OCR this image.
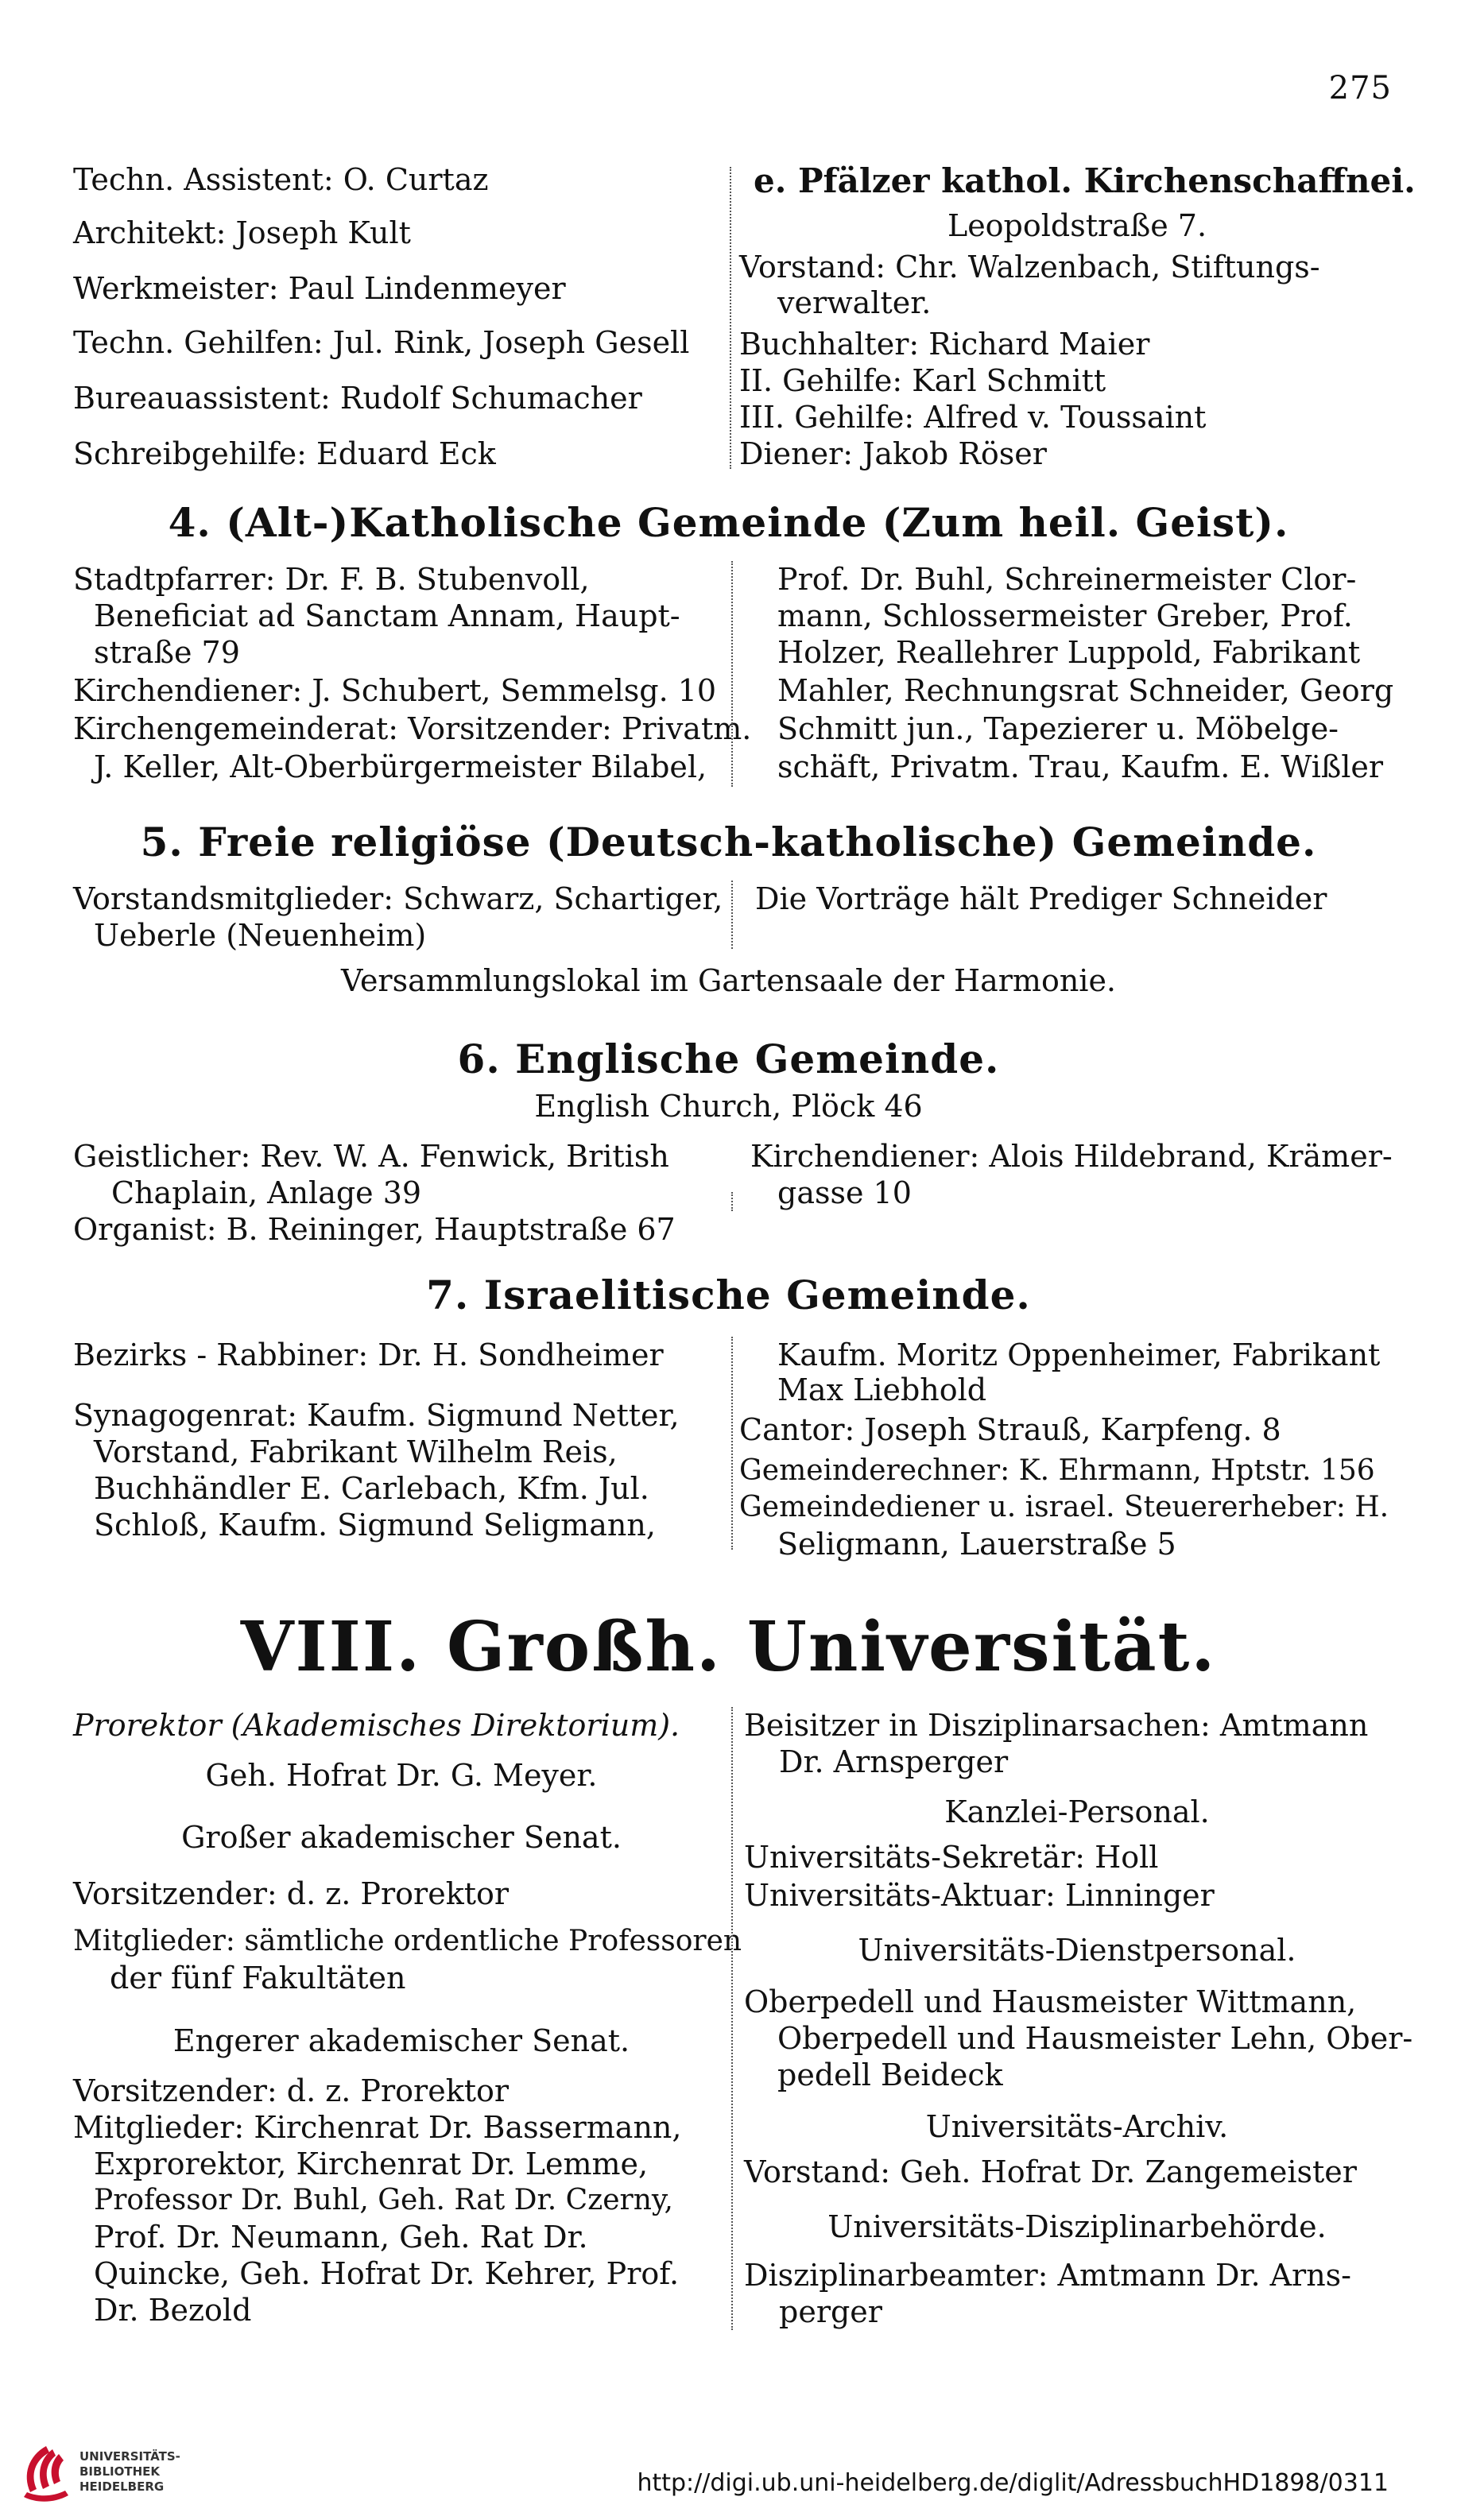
275
Techn. Assistent: O. Curtaz
Architekt: Joseph Kult
Werkmeister: Paul Lindenmeyer
Techn. Gehilfen: Jul. Rink, Joseph Gesell
Bureauassistent: Rudolf Schumacher
Schreibgehilfe: Eduard Eck
e. Pfälzer kathol. Kirchenschaffnei.
Leopoldstraße 7.
Vorstand: Chr. Walzenbach, Stiftungs-
verwalter.
Buchhalter: Richard Maier
II. Gehilfe: Karl Schmitt
III. Gehilfe: Alfred v. Toussaint
Diener: Jakob Röser
4. (Alt-)Katholische Gemeinde (Zum heil. Geist).
Stadtpfarrer: Dr. F. B. Stubenvoll,
Beneficiat ad Sanctam Annam, Haupt-
straße 79
Kirchendiener: J. Schubert, Semmelsg. 10
Kirchengemeinderat: Vorsitzender: Privatm.
J. Keller, Alt-Oberbürgermeister Bilabel,
Prof. Dr. Buhl, Schreinermeister Clor-
mann, Schlossermeister Greber, Prof.
Holzer, Reallehrer Luppold, Fabrikant
Mahler, Rechnungsrat Schneider, Georg
Schmitt jun., Tapezierer u. Möbelge-
schäft, Privatm. Trau, Kaufm. E. Wißler
5. Freie religiöse (Deutsch-katholische) Gemeinde.
Vorstandsmitglieder: Schwarz, Schartiger,
Ueberle (Neuenheim)
Die Vorträge hält Prediger Schneider
Versammlungslokal im Gartensaale der Harmonie.
6. Englische Gemeinde.
English Church, Plöck 46
Geistlicher: Rev. W. A. Fenwick, British
Chaplain, Anlage 39
Organist: B. Reininger, Hauptstraße 67
Kirchendiener: Alois Hildebrand, Krämer-
gasse 10
7. Israelitische Gemeinde.
Bezirks - Rabbiner: Dr. H. Sondheimer
Synagogenrat: Kaufm. Sigmund Netter,
Vorstand, Fabrikant Wilhelm Reis,
Buchhändler E. Carlebach, Kfm. Jul.
Schloß, Kaufm. Sigmund Seligmann,
Kaufm. Moritz Oppenheimer, Fabrikant
Max Liebhold
Cantor: Joseph Strauß, Karpfeng. 8
Gemeinderechner: K. Ehrmann, Hptstr. 156
Gemeindediener u. israel. Steuererheber: H.
Seligmann, Lauerstraße 5
VIII. Großh. Universität.
Prorektor (Akademisches Direktorium).
Geh. Hofrat Dr. G. Meyer.
Großer akademischer Senat.
Vorsitzender: d. z. Prorektor
Mitglieder: sämtliche ordentliche Professoren
der fünf Fakultäten
Engerer akademischer Senat.
Vorsitzender: d. z. Prorektor
Mitglieder: Kirchenrat Dr. Bassermann,
Exprorektor, Kirchenrat Dr. Lemme,
Professor Dr. Buhl, Geh. Rat Dr. Czerny,
Prof. Dr. Neumann, Geh. Rat Dr.
Quincke, Geh. Hofrat Dr. Kehrer, Prof.
Dr. Bezold
Beisitzer in Disziplinarsachen: Amtmann
Dr. Arnsperger
Kanzlei-Personal.
Universitäts-Sekretär: Holl
Universitäts-Aktuar: Linninger
Universitäts-Dienstpersonal.
Oberpedell und Hausmeister Wittmann,
Oberpedell und Hausmeister Lehn, Ober-
pedell Beideck
Universitäts-Archiv.
Vorstand: Geh. Hofrat Dr. Zangemeister
Universitäts-Disziplinarbehörde.
Disziplinarbeamter: Amtmann Dr. Arns-
perger
UNIVERSITÄTS-
BIBLIOTHEK
HEIDELBERG	http://digi.ub.uni-heidelberg.de/diglit/AdressbuchHD1898/0311
